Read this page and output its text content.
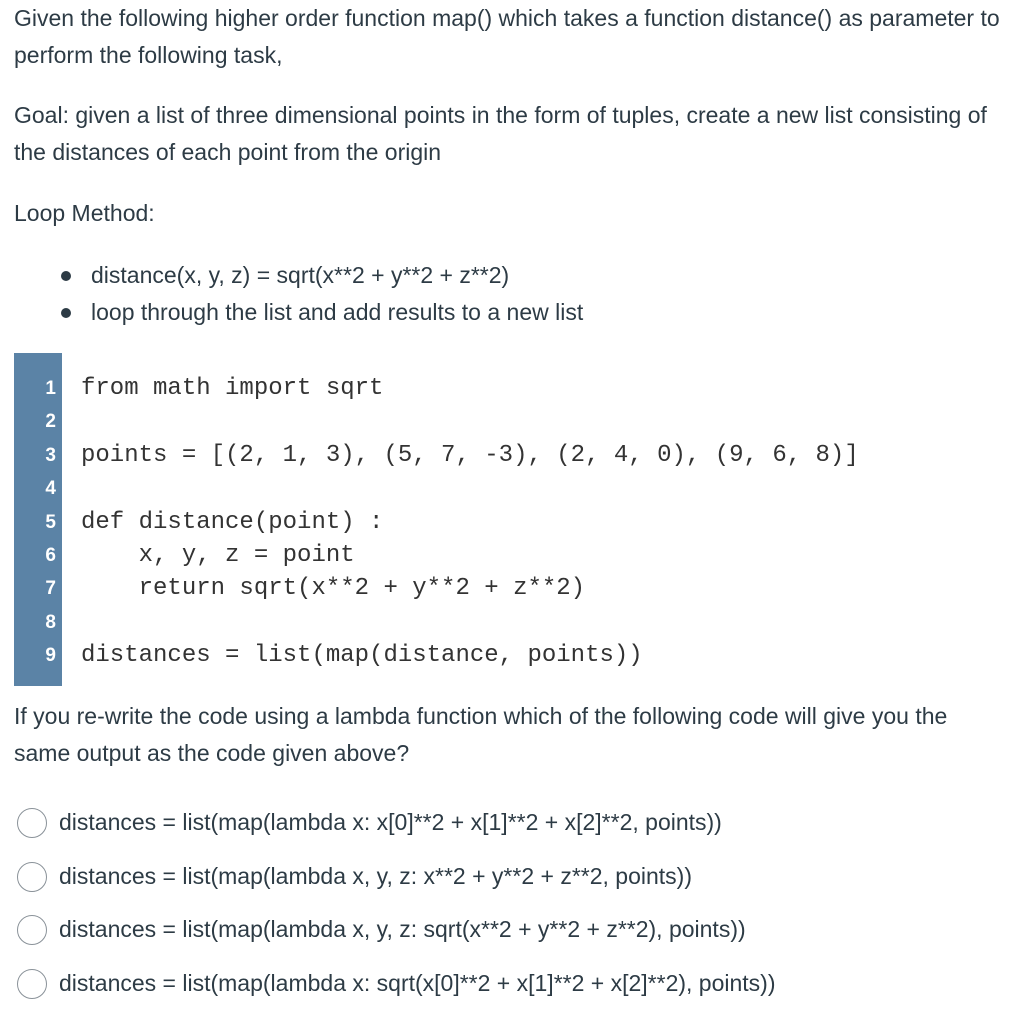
Given the following higher order function map() which takes a function distance() as parameter to perform the following task,

Goal: given a list of three dimensional points in the form of tuples, create a new list consisting of the distances of each point from the origin

Loop Method:

distance(x, y, z) = sqrt(x**2 + y**2 + z**2)
loop through the list and add results to a new list
1
2
3
4
5
6
7
8
9
from math import sqrt
points = [(2, 1, 3), (5, 7, -3), (2, 4, 0), (9, 6, 8)]
def distance(point) :
x, y, z = point
return sqrt(x**2 + y**2 + z**2)
distances = list(map(distance, points))

If you re-write the code using a lambda function which of the following code will give you the same output as the code given above?

distances = list(map(lambda x: x[0]**2 + x[1]**2 + x[2]**2, points))
distances = list(map(lambda x, y, z: x**2 + y**2 + z**2, points))
distances = list(map(lambda x, y, z: sqrt(x**2 + y**2 + z**2), points))
distances = list(map(lambda x: sqrt(x[0]**2 + x[1]**2 + x[2]**2), points))
